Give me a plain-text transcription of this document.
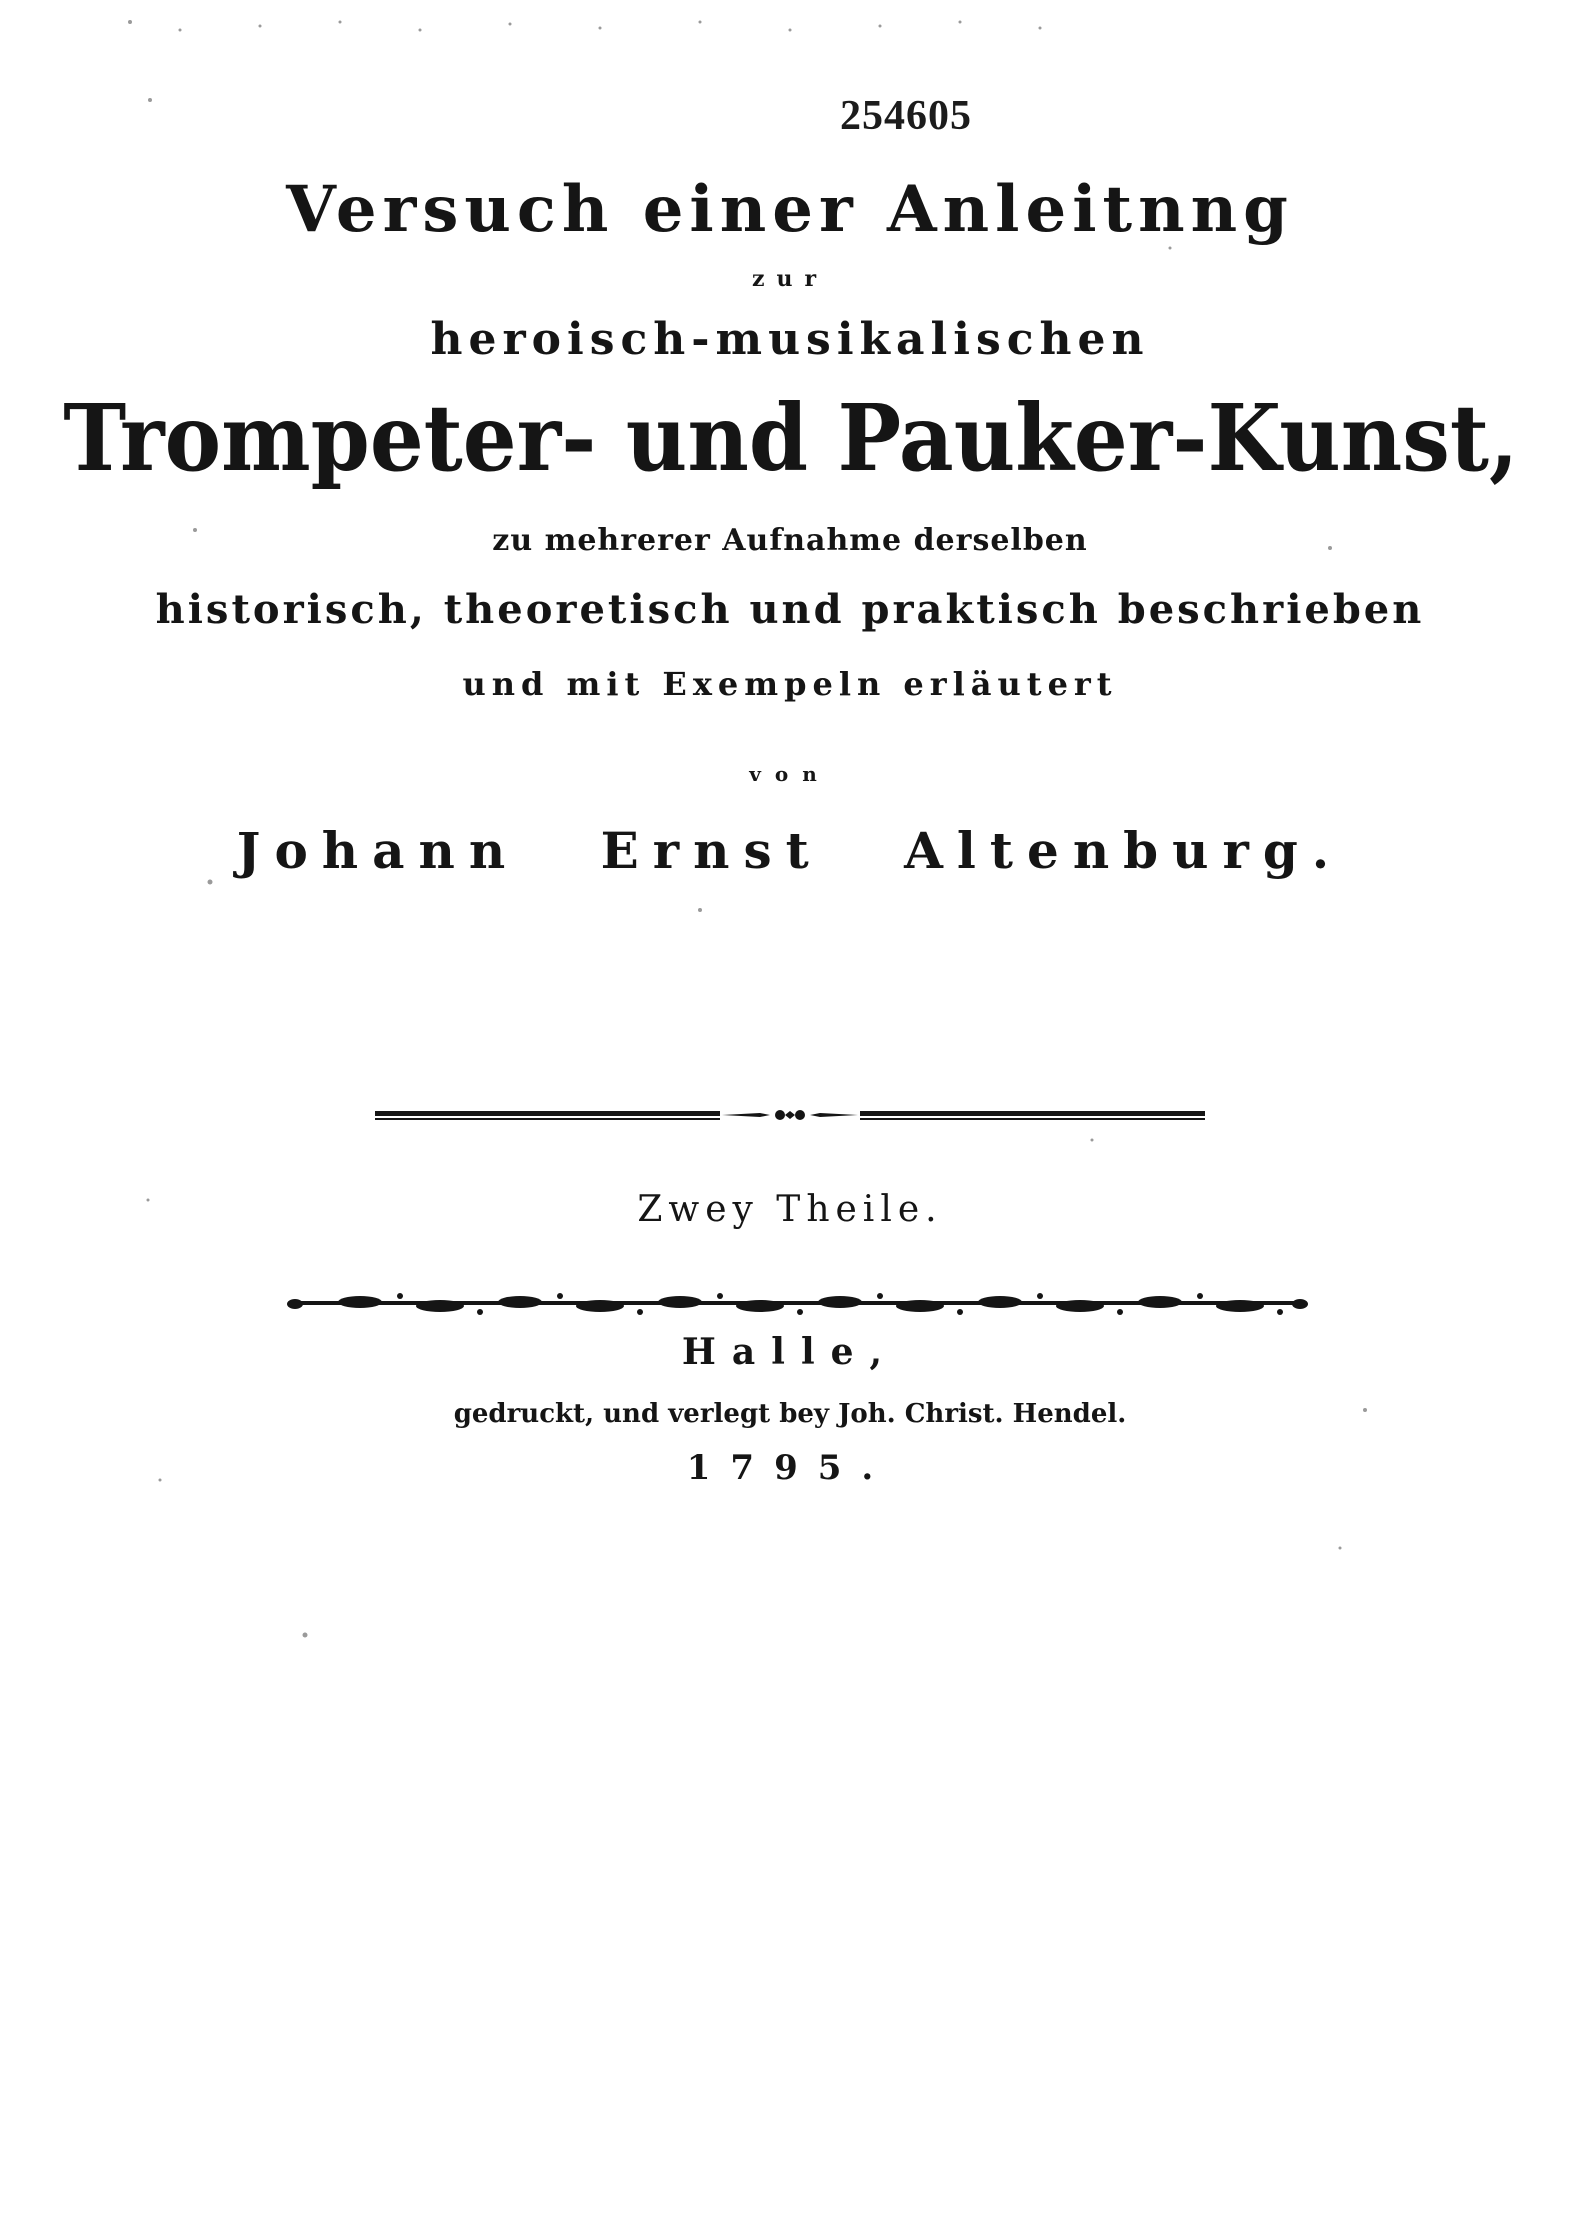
254605
Versuch einer Anleitnng
zur
heroisch-musikalischen
Trompeter- und Pauker-Kunst,
zu mehrerer Aufnahme derselben
historisch, theoretisch und praktisch beschrieben
und mit Exempeln erläutert
von
Johann Ernst Altenburg.
Zwey Theile.
Halle,
gedruckt, und verlegt bey Joh. Christ. Hendel.
1795.
